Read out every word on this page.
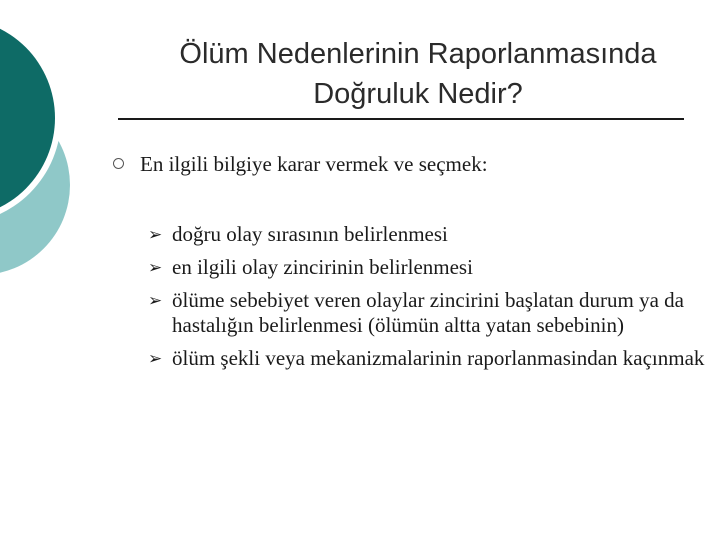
Ölüm Nedenlerinin Raporlanmasında
Doğruluk Nedir?
En ilgili bilgiye karar vermek ve seçmek:
➢ doğru olay sırasının belirlenmesi
➢ en ilgili olay zincirinin belirlenmesi
➢ ölüme sebebiyet veren olaylar zincirini başlatan durum ya da hastalığın belirlenmesi (ölümün altta yatan sebebinin)
➢ ölüm şekli veya mekanizmalarinin raporlanmasindan kaçınmak
